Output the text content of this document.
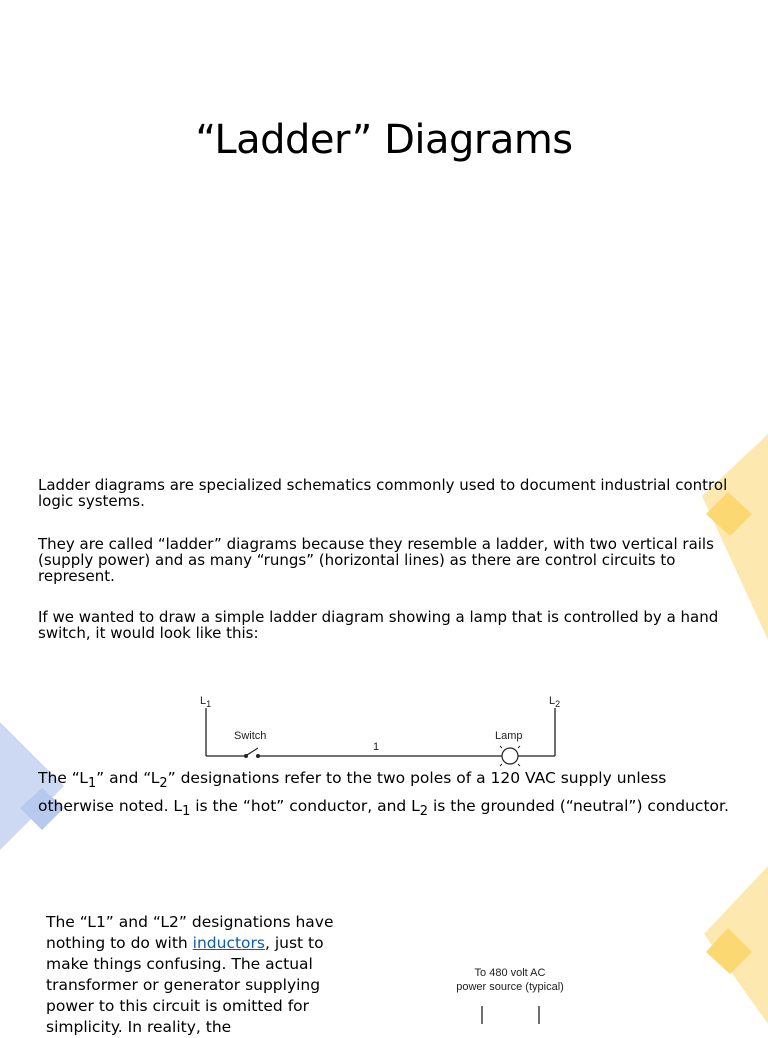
“Ladder” Diagrams
Ladder diagrams are specialized schematics commonly used to document industrial control logic systems.
They are called “ladder” diagrams because they resemble a ladder, with two vertical rails (supply power) and as many “rungs” (horizontal lines) as there are control circuits to represent.
If we wanted to draw a simple ladder diagram showing a lamp that is controlled by a hand switch, it would look like this:
$L_1$	$L_2$
Switch
1
Lamp
The “$L_1$” and “$L_2$” designations refer to the two poles of a 120 VAC supply unless otherwise noted. $L_1$ is the “hot” conductor, and $L_2$ is the grounded (“neutral”) conductor.
The “L1” and “L2” designations have nothing to do with inductors, just to make things confusing. The actual transformer or generator supplying power to this circuit is omitted for simplicity. In reality, the
To 480 volt AC
power source (typical)
